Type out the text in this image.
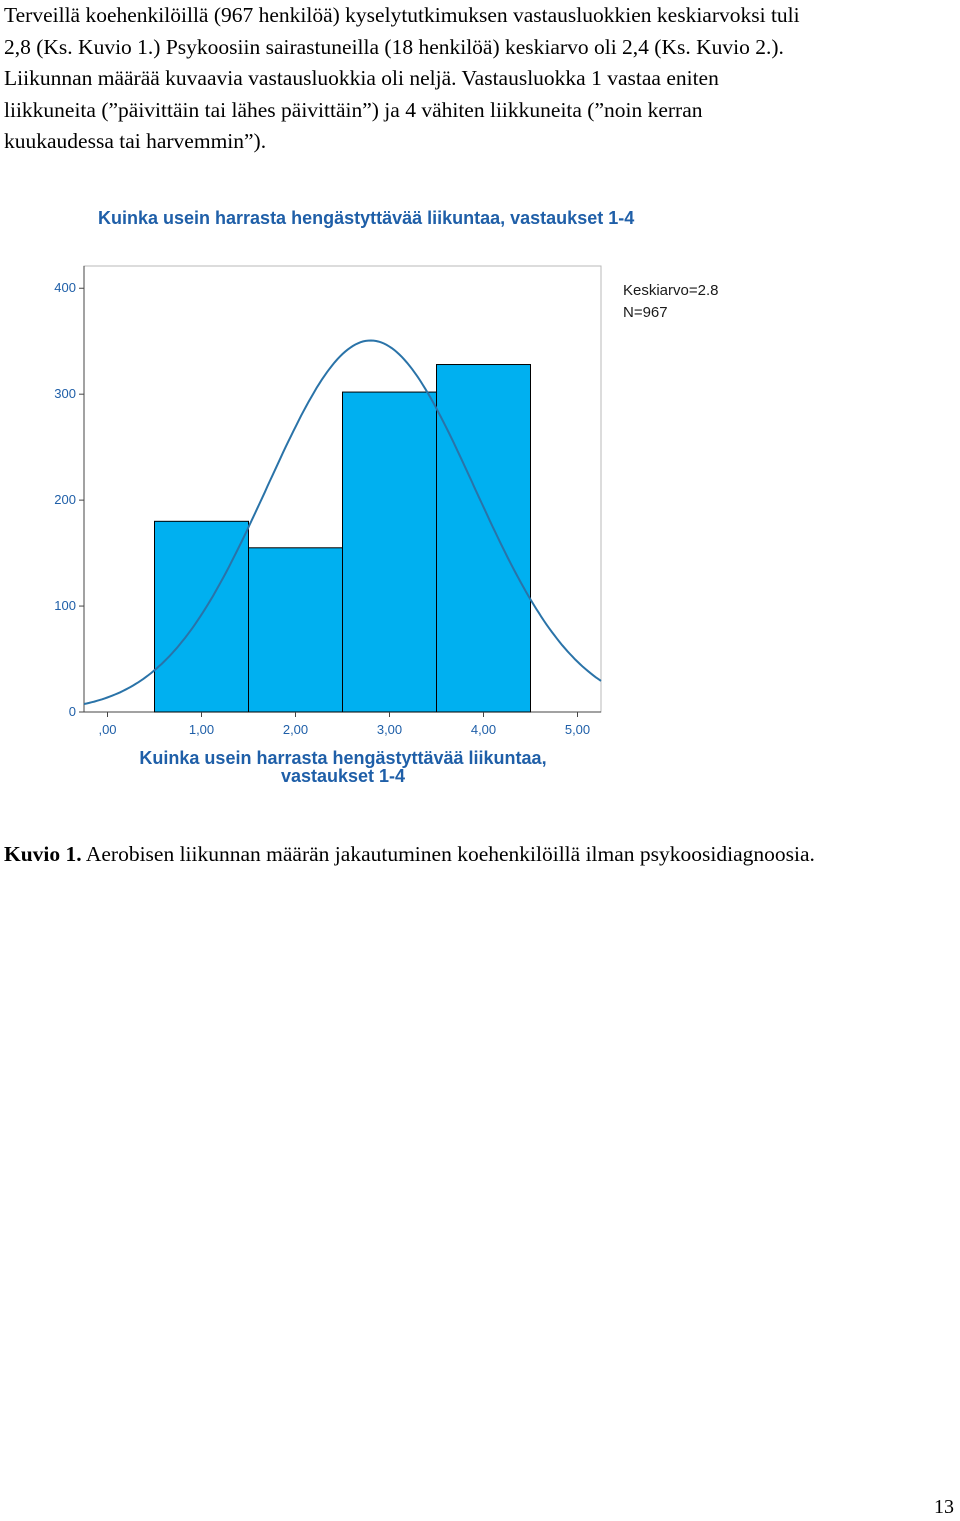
Terveillä koehenkilöillä (967 henkilöä) kyselytutkimuksen vastausluokkien keskiarvoksi tuli
2,8 (Ks. Kuvio 1.) Psykoosiin sairastuneilla (18 henkilöä) keskiarvo oli 2,4 (Ks. Kuvio 2.).
Liikunnan määrää kuvaavia vastausluokkia oli neljä. Vastausluokka 1 vastaa eniten
liikkuneita (”päivittäin tai lähes päivittäin”) ja 4 vähiten liikkuneita (”noin kerran
kuukaudessa tai harvemmin”).

Kuinka usein harrasta hengästyttävää liikuntaa, vastaukset 1-4
0
100
200
300
400
,00	1,00	2,00	3,00	4,00	5,00
Keskiarvo=2.8
N=967
Kuinka usein harrasta hengästyttävää liikuntaa,
vastaukset 1-4
Kuvio 1. Aerobisen liikunnan määrän jakautuminen koehenkilöillä ilman psykoosidiagnoosia.
13
